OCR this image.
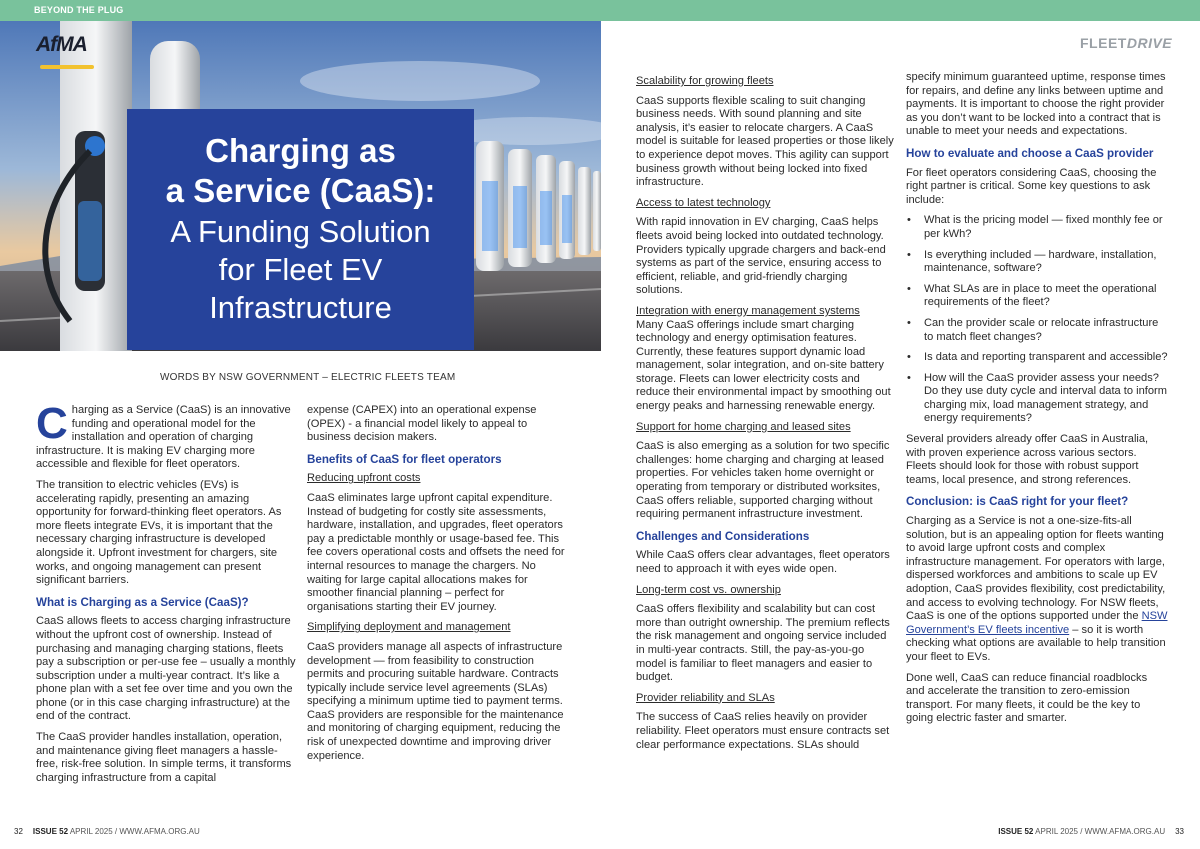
BEYOND THE PLUG
AfMA
Charging as
a Service (CaaS):
A Funding Solution
for Fleet EV
Infrastructure
WORDS BY NSW GOVERNMENT – ELECTRIC FLEETS TEAM
FLEETDRIVE

Charging as a Service (CaaS) is an innovative funding and operational model for the installation and operation of charging infrastructure. It is making EV charging more accessible and flexible for fleet operators.

The transition to electric vehicles (EVs) is accelerating rapidly, presenting an amazing opportunity for forward-thinking fleet operators. As more fleets integrate EVs, it is important that the necessary charging infrastructure is developed alongside it. Upfront investment for chargers, site works, and ongoing management can present significant barriers.

What is Charging as a Service (CaaS)?

CaaS allows fleets to access charging infrastructure without the upfront cost of ownership. Instead of purchasing and managing charging stations, fleets pay a subscription or per-use fee – usually a monthly subscription under a multi-year contract. It’s like a phone plan with a set fee over time and you own the phone (or in this case charging infrastructure) at the end of the contract.

The CaaS provider handles installation, operation, and maintenance giving fleet managers a hassle-free, risk-free solution. In simple terms, it transforms charging infrastructure from a capital

expense (CAPEX) into an operational expense (OPEX) - a financial model likely to appeal to business decision makers.

Benefits of CaaS for fleet operators
Reducing upfront costs

CaaS eliminates large upfront capital expenditure. Instead of budgeting for costly site assessments, hardware, installation, and upgrades, fleet operators pay a predictable monthly or usage-based fee. This fee covers operational costs and offsets the need for internal resources to manage the chargers. No waiting for large capital allocations makes for smoother financial planning – perfect for organisations starting their EV journey.

Simplifying deployment and management

CaaS providers manage all aspects of infrastructure development — from feasibility to construction permits and procuring suitable hardware. Contracts typically include service level agreements (SLAs) specifying a minimum uptime tied to payment terms. CaaS providers are responsible for the maintenance and monitoring of charging equipment, reducing the risk of unexpected downtime and improving driver experience.

Scalability for growing fleets

CaaS supports flexible scaling to suit changing business needs. With sound planning and site analysis, it’s easier to relocate chargers. A CaaS model is suitable for leased properties or those likely to experience depot moves. This agility can support business growth without being locked into fixed infrastructure.

Access to latest technology

With rapid innovation in EV charging, CaaS helps fleets avoid being locked into outdated technology. Providers typically upgrade chargers and back-end systems as part of the service, ensuring access to efficient, reliable, and grid-friendly charging solutions.

Integration with energy management systems

Many CaaS offerings include smart charging technology and energy optimisation features. Currently, these features support dynamic load management, solar integration, and on-site battery storage. Fleets can lower electricity costs and reduce their environmental impact by smoothing out energy peaks and harnessing renewable energy.

Support for home charging and leased sites

CaaS is also emerging as a solution for two specific challenges: home charging and charging at leased properties. For vehicles taken home overnight or operating from temporary or distributed worksites, CaaS offers reliable, supported charging without requiring permanent infrastructure investment.

Challenges and Considerations

While CaaS offers clear advantages, fleet operators need to approach it with eyes wide open.

Long-term cost vs. ownership

CaaS offers flexibility and scalability but can cost more than outright ownership. The premium reflects the risk management and ongoing service included in multi-year contracts. Still, the pay-as-you-go model is familiar to fleet managers and easier to budget.

Provider reliability and SLAs

The success of CaaS relies heavily on provider reliability. Fleet operators must ensure contracts set clear performance expectations. SLAs should

specify minimum guaranteed uptime, response times for repairs, and define any links between uptime and payments. It is important to choose the right provider as you don’t want to be locked into a contract that is unable to meet your needs and expectations.

How to evaluate and choose a CaaS provider

For fleet operators considering CaaS, choosing the right partner is critical. Some key questions to ask include:

• What is the pricing model — fixed monthly fee or per kWh?
• Is everything included — hardware, installation, maintenance, software?
• What SLAs are in place to meet the operational requirements of the fleet?
• Can the provider scale or relocate infrastructure to match fleet changes?
• Is data and reporting transparent and accessible?
• How will the CaaS provider assess your needs? Do they use duty cycle and interval data to inform charging mix, load management strategy, and energy requirements?

Several providers already offer CaaS in Australia, with proven experience across various sectors. Fleets should look for those with robust support teams, local presence, and strong references.

Conclusion: is CaaS right for your fleet?

Charging as a Service is not a one-size-fits-all solution, but is an appealing option for fleets wanting to avoid large upfront costs and complex infrastructure management. For operators with large, dispersed workforces and ambitions to scale up EV adoption, CaaS provides flexibility, cost predictability, and access to evolving technology. For NSW fleets, CaaS is one of the options supported under the NSW Government’s EV fleets incentive – so it is worth checking what options are available to help transition your fleet to EVs.

Done well, CaaS can reduce financial roadblocks and accelerate the transition to zero-emission transport. For many fleets, it could be the key to going electric faster and smarter.

32 ISSUE 52 APRIL 2025 / WWW.AFMA.ORG.AU	ISSUE 52 APRIL 2025 / WWW.AFMA.ORG.AU 33
